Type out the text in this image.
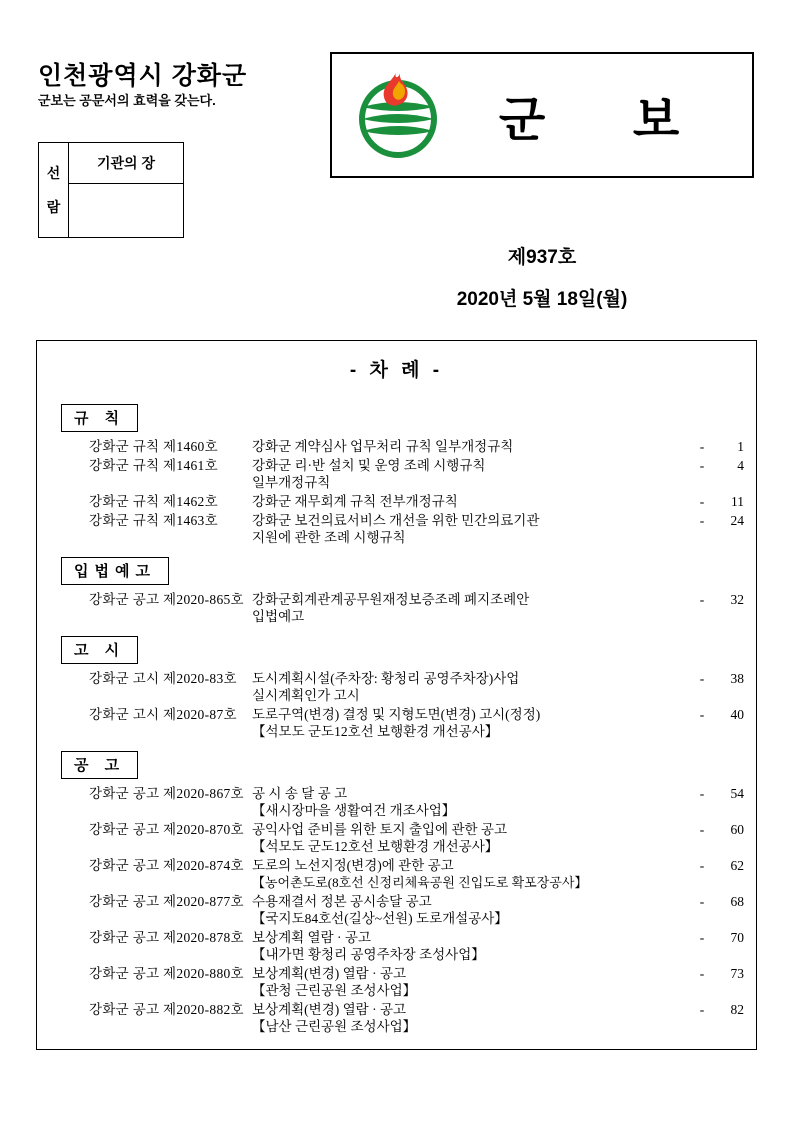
인천광역시 강화군
군보는 공문서의 효력을 갖는다.
선
람
기관의 장
군 보
제937호
2020년 5월 18일(월)
- 차 례 -
규 칙
강화군 규칙 제1460호	강화군 계약심사 업무처리 규칙 일부개정규칙	-	1
강화군 규칙 제1461호	강화군 리·반 설치 및 운영 조례 시행규칙
일부개정규칙
-	4
강화군 규칙 제1462호	강화군 재무회계 규칙 전부개정규칙	-	11
강화군 규칙 제1463호	강화군 보건의료서비스 개선을 위한 민간의료기관
지원에 관한 조례 시행규칙
-	24
입법예고
강화군 공고 제2020-865호 강화군회계관계공무원재정보증조례 폐지조례안
입법예고
-	32
고 시
강화군 고시 제2020-83호	도시계획시설(주차장: 황청리 공영주차장)사업
실시계획인가 고시
-	38
강화군 고시 제2020-87호	도로구역(변경) 결정 및 지형도면(변경) 고시(정정)
【석모도 군도12호선 보행환경 개선공사】
-	40
공 고
강화군 공고 제2020-867호 공 시 송 달 공 고
【새시장마을 생활여건 개조사업】
-	54
강화군 공고 제2020-870호 공익사업 준비를 위한 토지 출입에 관한 공고
【석모도 군도12호선 보행환경 개선공사】
-	60
강화군 공고 제2020-874호 도로의 노선지정(변경)에 관한 공고
【농어촌도로(8호선 신정리체육공원 진입도로 확포장공사】
-	62
강화군 공고 제2020-877호 수용재결서 정본 공시송달 공고
【국지도84호선(길상~선원) 도로개설공사】
-	68
강화군 공고 제2020-878호 보상계획 열람 · 공고
【내가면 황청리 공영주차장 조성사업】
-	70
강화군 공고 제2020-880호 보상계획(변경) 열람 · 공고
【관청 근린공원 조성사업】
-	73
강화군 공고 제2020-882호 보상계획(변경) 열람 · 공고
【남산 근린공원 조성사업】
-	82
